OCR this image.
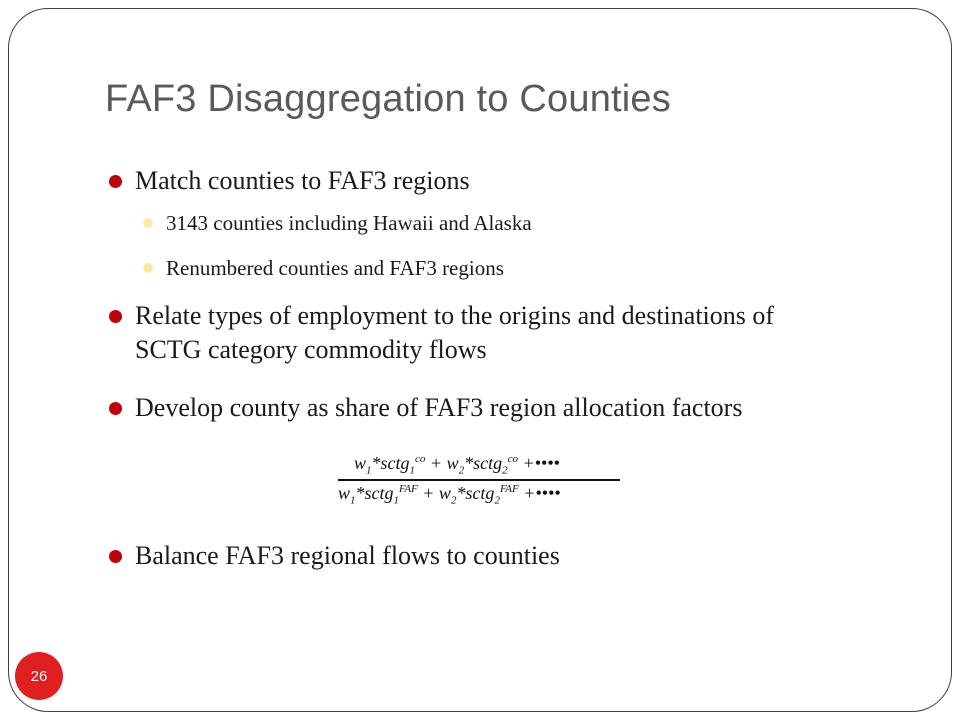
FAF3 Disaggregation to Counties
Match counties to FAF3 regions
3143 counties including Hawaii and Alaska
Renumbered counties and FAF3 regions
Relate types of employment to the origins and destinations of
SCTG category commodity flows
Develop county as share of FAF3 region allocation factors
$w_1*sctg_1^{co}$ + $w_2*sctg_2^{co}$ +••••
$w_1*sctg_1^{FAF}$ + $w_2*sctg_2^{FAF}$ +••••
Balance FAF3 regional flows to counties
26
